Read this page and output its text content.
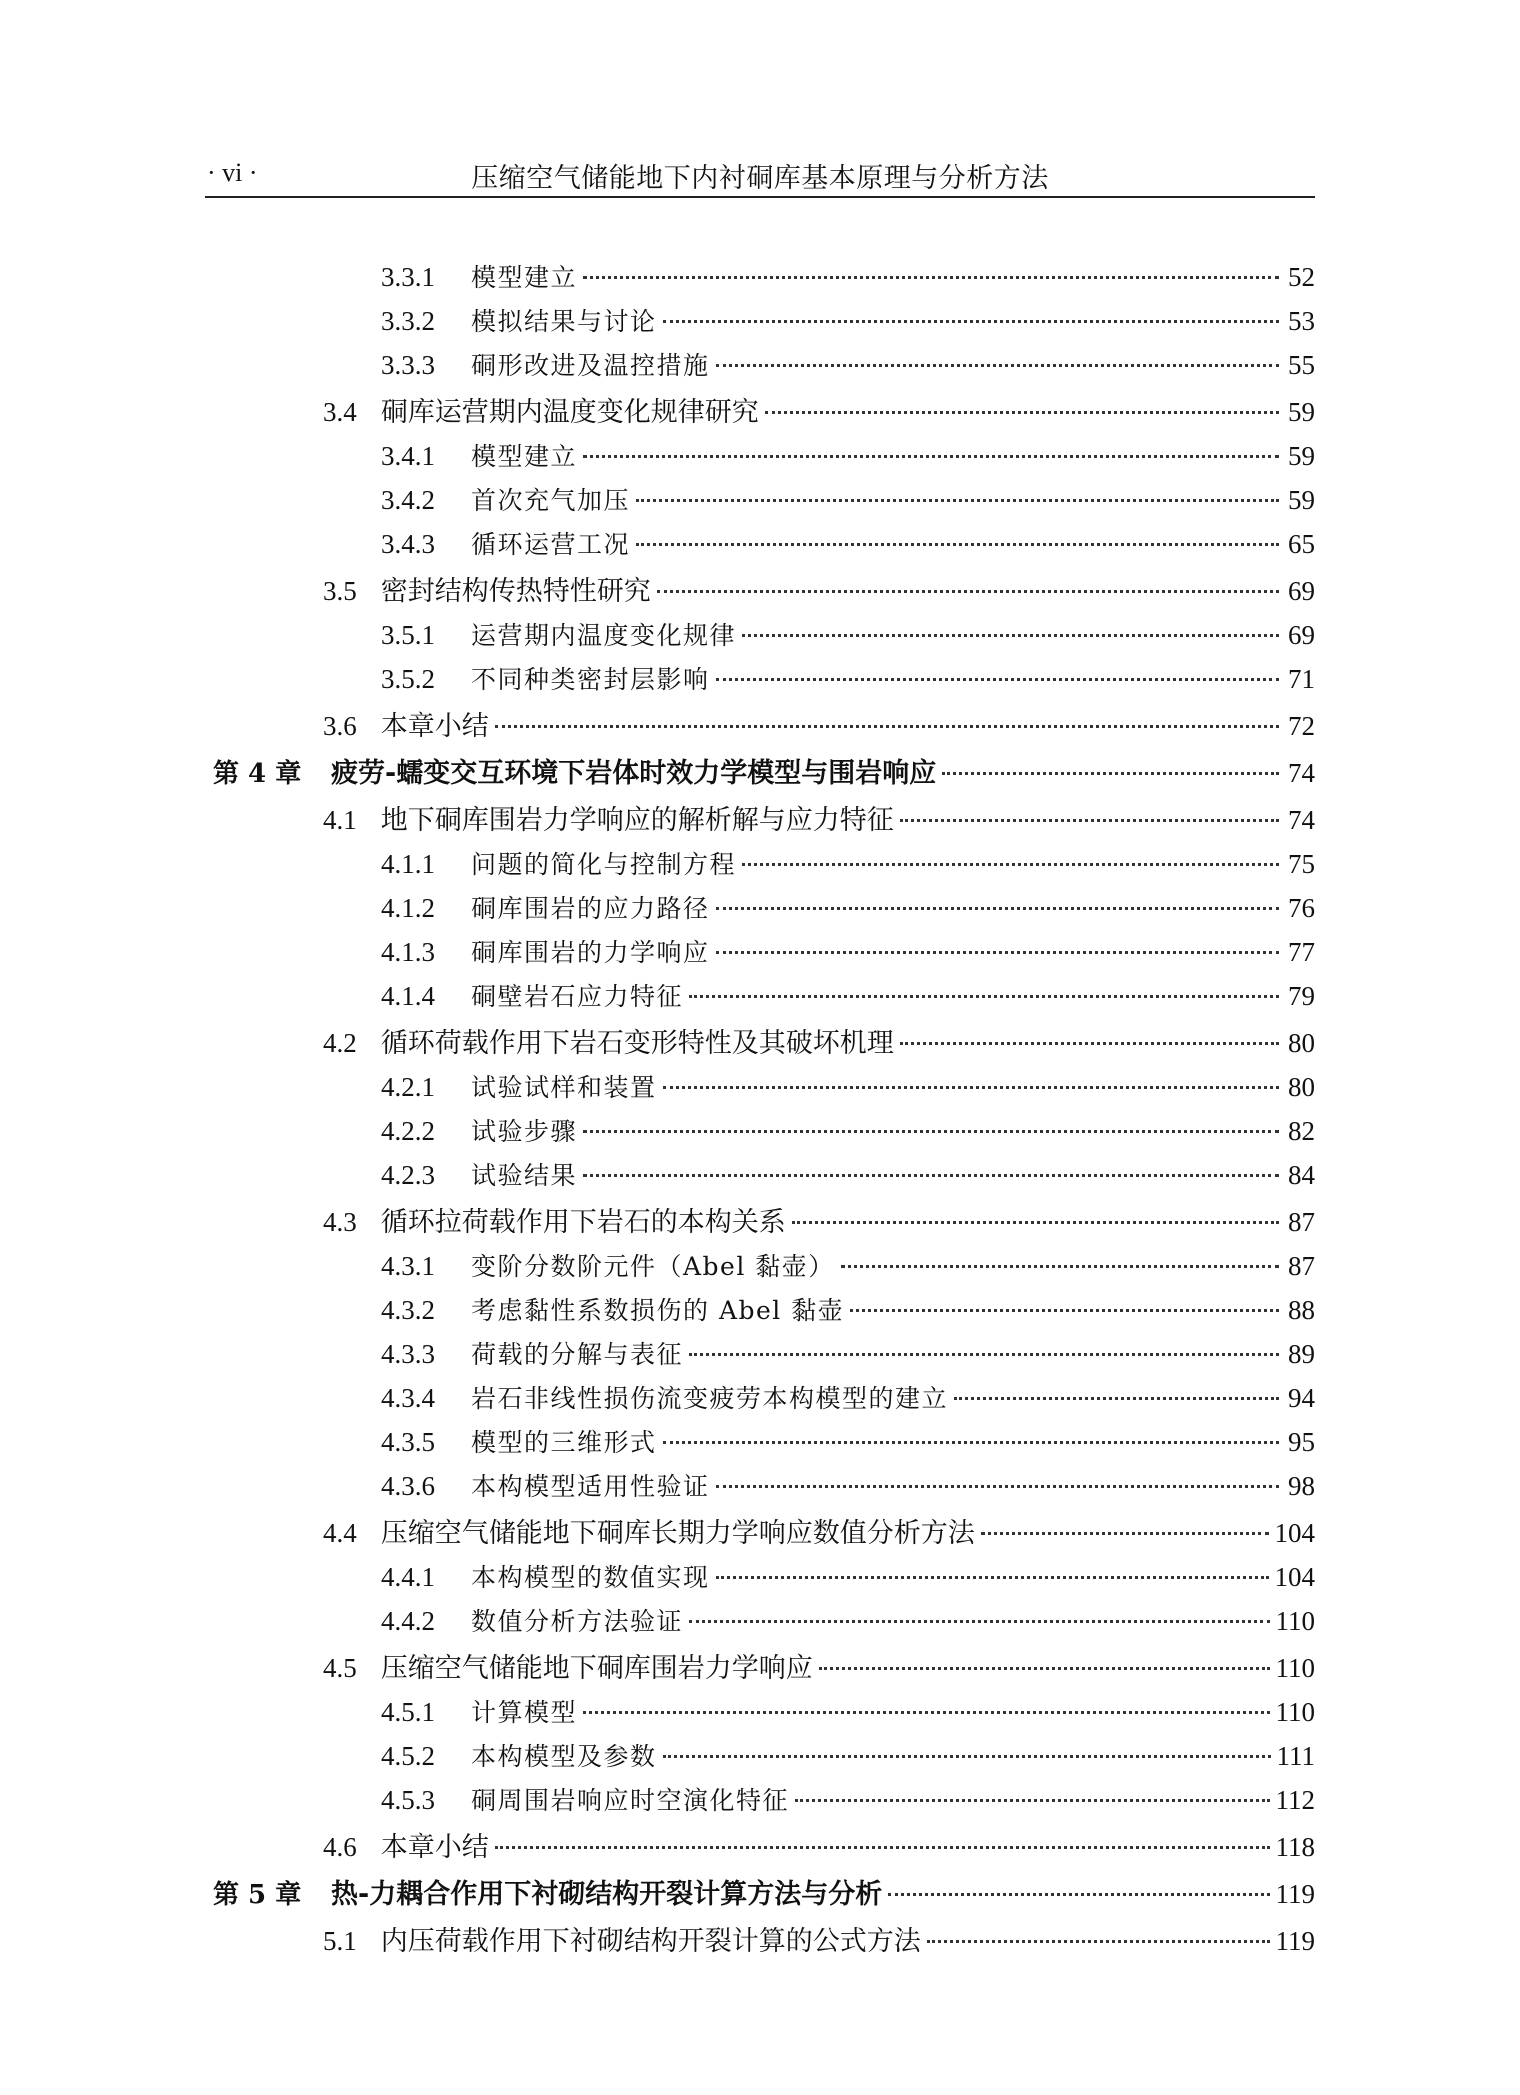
· vi ·	压缩空气储能地下内衬硐库基本原理与分析方法
3.3.1	模型建立	52
3.3.2	模拟结果与讨论	53
3.3.3	硐形改进及温控措施	55
3.4 硐库运营期内温度变化规律研究	59
3.4.1	模型建立	59
3.4.2	首次充气加压	59
3.4.3	循环运营工况	65
3.5 密封结构传热特性研究	69
3.5.1	运营期内温度变化规律	69
3.5.2	不同种类密封层影响	71
3.6 本章小结	72
第 4 章	疲劳-蠕变交互环境下岩体时效力学模型与围岩响应	74
4.1 地下硐库围岩力学响应的解析解与应力特征	74
4.1.1	问题的简化与控制方程	75
4.1.2	硐库围岩的应力路径	76
4.1.3	硐库围岩的力学响应	77
4.1.4	硐壁岩石应力特征	79
4.2 循环荷载作用下岩石变形特性及其破坏机理	80
4.2.1	试验试样和装置	80
4.2.2	试验步骤	82
4.2.3	试验结果	84
4.3 循环拉荷载作用下岩石的本构关系	87
4.3.1	变阶分数阶元件（Abel 黏壶）	87
4.3.2	考虑黏性系数损伤的 Abel 黏壶	88
4.3.3	荷载的分解与表征	89
4.3.4	岩石非线性损伤流变疲劳本构模型的建立	94
4.3.5	模型的三维形式	95
4.3.6	本构模型适用性验证	98
4.4 压缩空气储能地下硐库长期力学响应数值分析方法	104
4.4.1	本构模型的数值实现	104
4.4.2	数值分析方法验证	110
4.5 压缩空气储能地下硐库围岩力学响应	110
4.5.1	计算模型	110
4.5.2	本构模型及参数	111
4.5.3	硐周围岩响应时空演化特征	112
4.6 本章小结	118
第 5 章	热-力耦合作用下衬砌结构开裂计算方法与分析	119
5.1 内压荷载作用下衬砌结构开裂计算的公式方法	119
